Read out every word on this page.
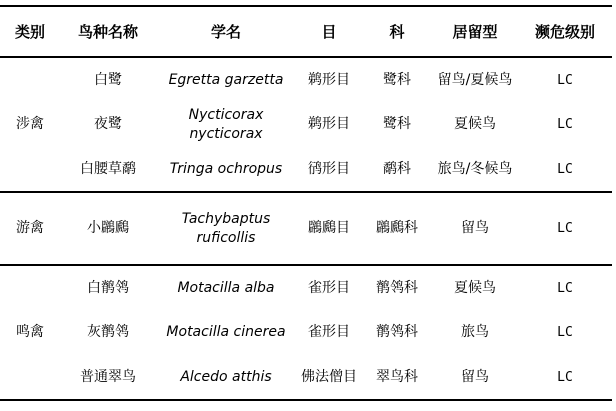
类别	鸟种名称	学名	目	科	居留型	濒危级别
涉禽	白鹭	Egretta garzetta	鹈形目	鹭科	留鸟/夏候鸟	LC
	夜鹭	Nycticorax nycticorax	鹈形目	鹭科	夏候鸟	LC
	白腰草鹬	Tringa ochropus	鸻形目	鹬科	旅鸟/冬候鸟	LC
游禽	小鸊鷉	Tachybaptus ruficollis	鸊鷉目	鸊鷉科	留鸟	LC
鸣禽	白鹡鸰	Motacilla alba	雀形目	鹡鸰科	夏候鸟	LC
	灰鹡鸰	Motacilla cinerea	雀形目	鹡鸰科	旅鸟	LC
	普通翠鸟	Alcedo atthis	佛法僧目	翠鸟科	留鸟	LC
